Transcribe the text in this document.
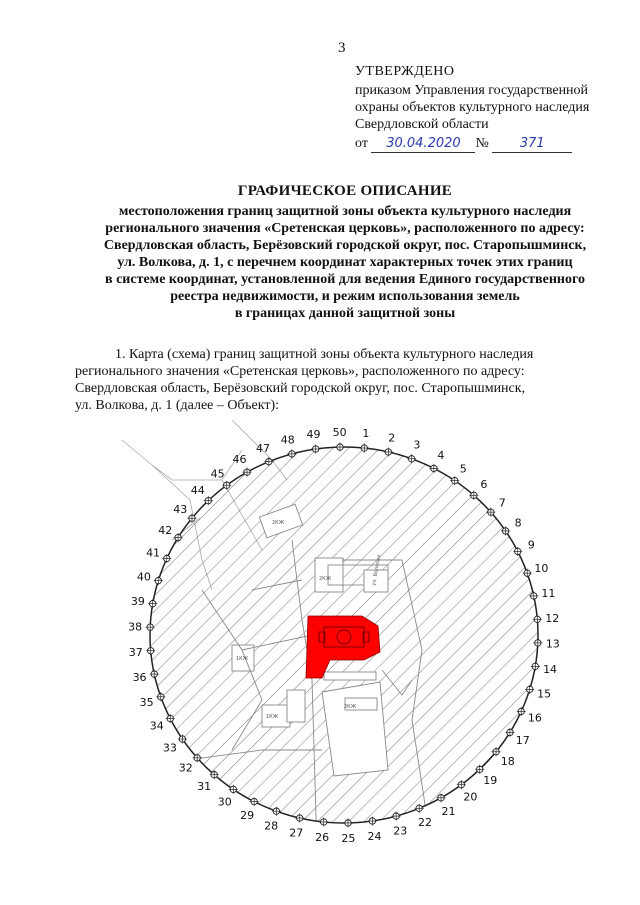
3
УТВЕРЖДЕНО
приказом Управления государственной
охраны объектов культурного наследия
Свердловской области
от 30.04.2020 № 371
ГРАФИЧЕСКОЕ ОПИСАНИЕ
местоположения границ защитной зоны объекта культурного наследия
регионального значения «Сретенская церковь», расположенного по адресу:
Свердловская область, Берёзовский городской округ, пос. Старопышминск,
ул. Волкова, д. 1, с перечнем координат характерных точек этих границ
в системе координат, установленной для ведения Единого государственного
реестра недвижимости, и режим использования земель
в границах данной защитной зоны
1. Карта (схема) границ защитной зоны объекта культурного наследия
регионального значения «Сретенская церковь», расположенного по адресу:
Свердловская область, Берёзовский городской округ, пос. Старопышминск,
ул. Волкова, д. 1 (далее – Объект):
2КЖ
2КЖ
1КЖ
1КЖ
2КЖ
ул. Волкова
1 2
3
4
5
6
7
8
9
10
11
12
13
14
15
16
17
18
19
20
21
22
23
24
25
26
27
28
29
30
31
32
33
34
35
36
37
38
39
40
41
42
43
44
45
46
47
48 49 50
